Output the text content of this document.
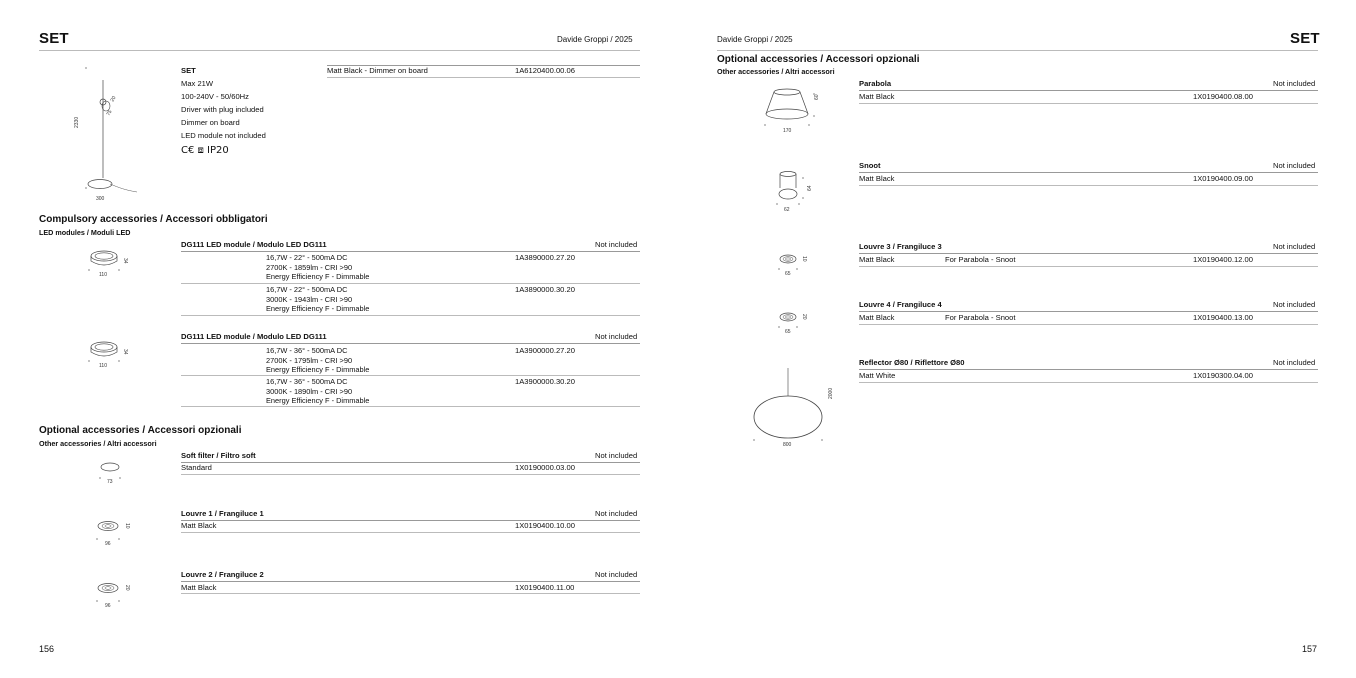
SET	Davide Groppi / 2025
2330
300
20
75
SET	Matt Black - Dimmer on board	1A6120400.00.06
Max 21W
100-240V - 50/60Hz
Driver with plug included
Dimmer on board
LED module not included
C€ ⧈ IP20
Compulsory accessories / Accessori obbligatori
LED modules / Moduli LED
110
34
DG111 LED module / Modulo LED DG111	Not included
16,7W - 22° - 500mA DC
2700K - 1859lm - CRI >90
Energy Efficiency F - Dimmable
1A3890000.27.20
16,7W - 22° - 500mA DC
3000K - 1943lm - CRI >90
Energy Efficiency F - Dimmable
1A3890000.30.20
110
34
DG111 LED module / Modulo LED DG111	Not included
16,7W - 36° - 500mA DC
2700K - 1795lm - CRI >90
Energy Efficiency F - Dimmable
1A3900000.27.20
16,7W - 36° - 500mA DC
3000K - 1890lm - CRI >90
Energy Efficiency F - Dimmable
1A3900000.30.20
Optional accessories / Accessori opzionali
Other accessories / Altri accessori
73
Soft filter / Filtro soft	Not included
Standard	1X0190000.03.00
96
10
Louvre 1 / Frangiluce 1	Not included
Matt Black	1X0190400.10.00
96
20
Louvre 2 / Frangiluce 2	Not included
Matt Black	1X0190400.11.00
156
Davide Groppi / 2025	SET
Optional accessories / Accessori opzionali
Other accessories / Altri accessori
170
60
Parabola	Not included
Matt Black	1X0190400.08.00
62
64
Snoot	Not included
Matt Black	1X0190400.09.00
65
10
Louvre 3 / Frangiluce 3	Not included
Matt Black	For Parabola - Snoot	1X0190400.12.00
65
20
Louvre 4 / Frangiluce 4	Not included
Matt Black	For Parabola - Snoot	1X0190400.13.00
800
2000
Reflector Ø80 / Riflettore Ø80	Not included
Matt White	1X0190300.04.00
157
